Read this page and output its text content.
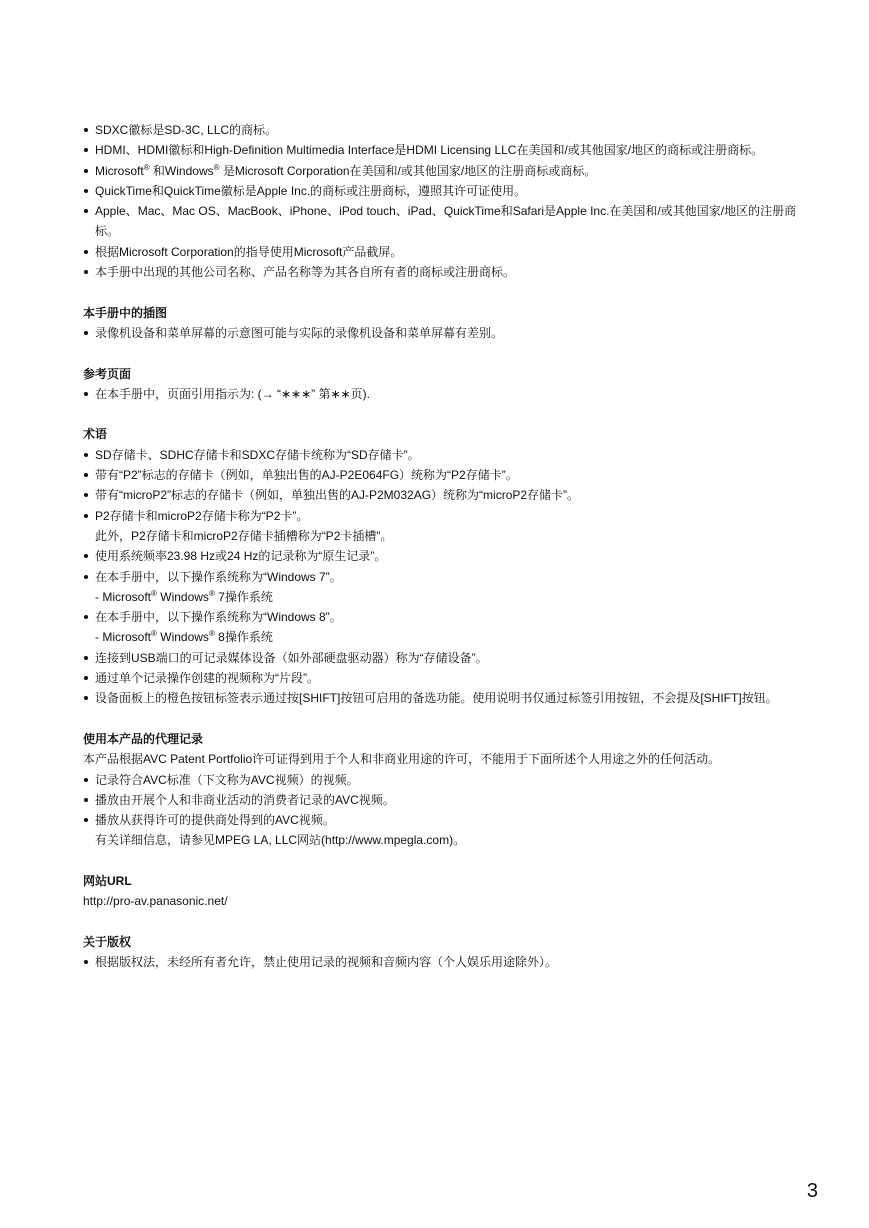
SDXC徽标是SD-3C, LLC的商标。
HDMI、HDMI徽标和High-Definition Multimedia Interface是HDMI Licensing LLC在美国和/或其他国家/地区的商标或注册商标。
Microsoft® 和Windows® 是Microsoft Corporation在美国和/或其他国家/地区的注册商标或商标。
QuickTime和QuickTime徽标是Apple Inc.的商标或注册商标，遵照其许可证使用。
Apple、Mac、Mac OS、MacBook、iPhone、iPod touch、iPad、QuickTime和Safari是Apple Inc.在美国和/或其他国家/地区的注册商标。
根据Microsoft Corporation的指导使用Microsoft产品截屏。
本手册中出现的其他公司名称、产品名称等为其各自所有者的商标或注册商标。
本手册中的插图
录像机设备和菜单屏幕的示意图可能与实际的录像机设备和菜单屏幕有差别。
参考页面
在本手册中，页面引用指示为: (→ “∗∗∗” 第∗∗页).
术语
SD存储卡、SDHC存储卡和SDXC存储卡统称为“SD存储卡”。
带有“P2”标志的存储卡（例如，单独出售的AJ-P2E064FG）统称为“P2存储卡”。
带有“microP2”标志的存储卡（例如，单独出售的AJ-P2M032AG）统称为“microP2存储卡”。
P2存储卡和microP2存储卡称为“P2卡”。
此外，P2存储卡和microP2存储卡插槽称为“P2卡插槽”。
使用系统频率23.98 Hz或24 Hz的记录称为“原生记录”。
在本手册中，以下操作系统称为“Windows 7”。
- Microsoft® Windows® 7操作系统
在本手册中，以下操作系统称为“Windows 8”。
- Microsoft® Windows® 8操作系统
连接到USB端口的可记录媒体设备（如外部硬盘驱动器）称为“存储设备”。
通过单个记录操作创建的视频称为“片段”。
设备面板上的橙色按钮标签表示通过按[SHIFT]按钮可启用的备选功能。使用说明书仅通过标签引用按钮，不会提及[SHIFT]按钮。
使用本产品的代理记录

本产品根据AVC Patent Portfolio许可证得到用于个人和非商业用途的许可，不能用于下面所述个人用途之外的任何活动。

记录符合AVC标准（下文称为AVC视频）的视频。
播放由开展个人和非商业活动的消费者记录的AVC视频。
播放从获得许可的提供商处得到的AVC视频。
有关详细信息，请参见MPEG LA, LLC网站(http://www.mpegla.com)。
网站URL

http://pro-av.panasonic.net/

关于版权
根据版权法，未经所有者允许，禁止使用记录的视频和音频内容（个人娱乐用途除外）。
3
